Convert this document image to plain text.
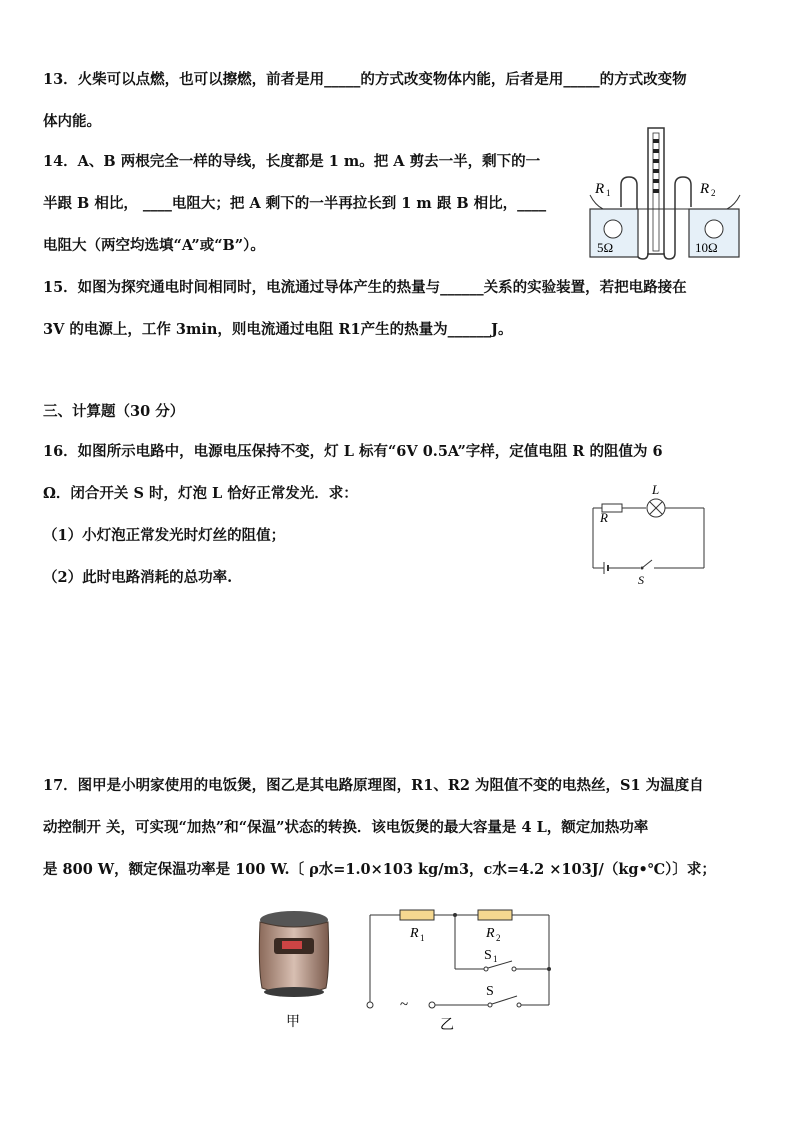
13．火柴可以点燃，也可以擦燃，前者是用_____的方式改变物体内能，后者是用_____的方式改变物
体内能。
14．A、B 两根完全一样的导线，长度都是 1 m。把 A 剪去一半，剩下的一
半跟 B 相比， ____电阻大；把 A 剩下的一半再拉长到 1 m 跟 B 相比，____
电阻大（两空均选填“A”或“B”）。
R 1	R 2
5Ω	10Ω
15．如图为探究通电时间相同时，电流通过导体产生的热量与______关系的实验装置，若把电路接在
3V 的电源上，工作 3min，则电流通过电阻 R1产生的热量为______J。
三、计算题（30 分）
16．如图所示电路中，电源电压保持不变，灯 L 标有“6V 0.5A”字样，定值电阻 R 的阻值为 6
Ω．闭合开关 S 时，灯泡 L 恰好正常发光．求：
（1）小灯泡正常发光时灯丝的阻值；
（2）此时电路消耗的总功率.
L
R
S
17．图甲是小明家使用的电饭煲，图乙是其电路原理图，R1、R2 为阻值不变的电热丝，S1 为温度自
动控制开 关，可实现“加热”和“保温”状态的转换．该电饭煲的最大容量是 4 L，额定加热功率
是 800 W，额定保温功率是 100 W.〔 ρ水=1.0×103 kg/m3，c水=4.2 ×103J/（kg•℃）〕求；
甲
R 1	R 2
S 1
S
~
乙
